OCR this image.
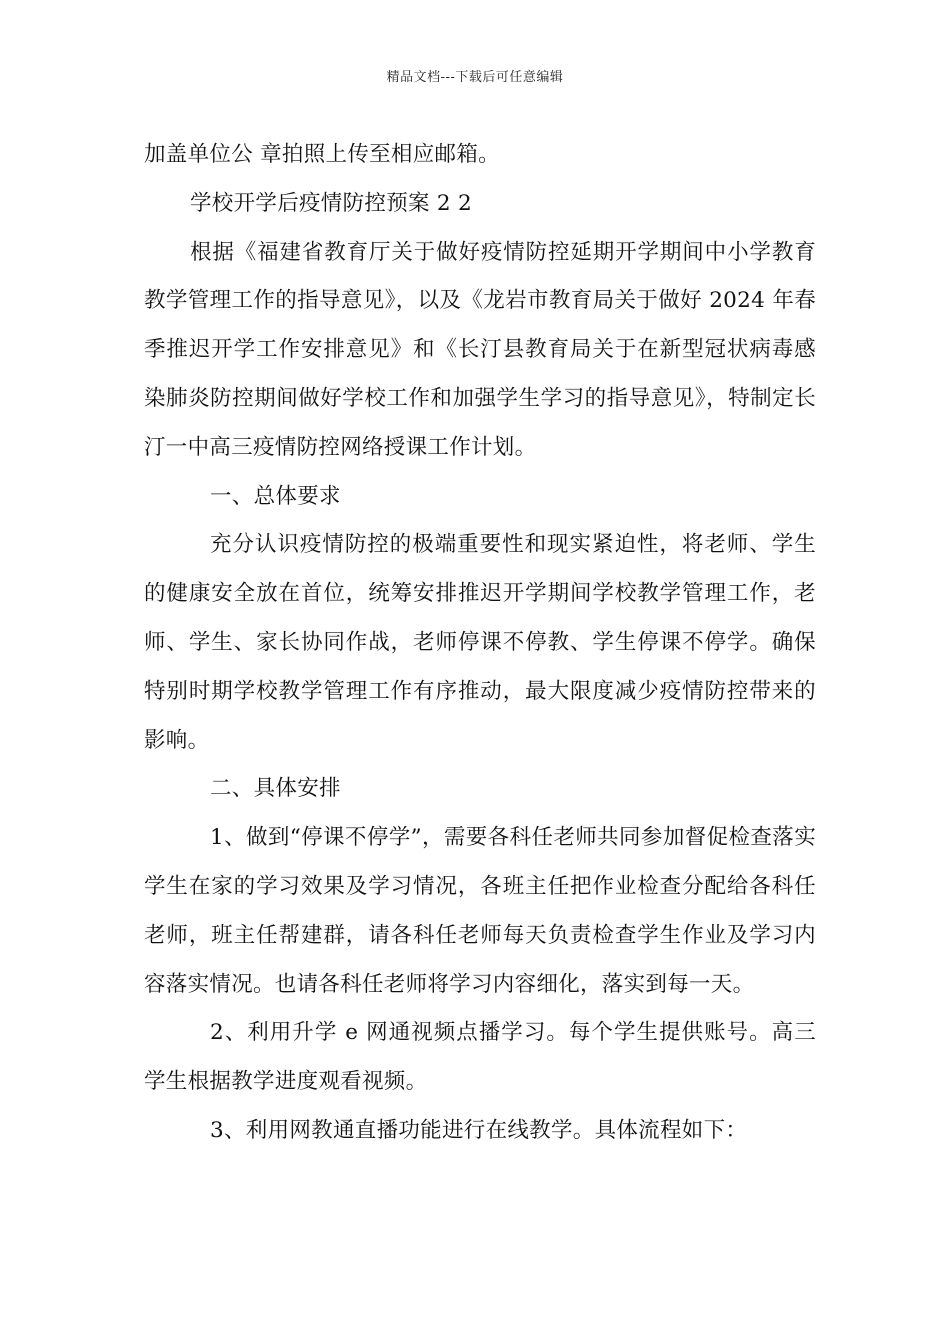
精品文档---下载后可任意编辑

加盖单位公 章拍照上传至相应邮箱。

学校开学后疫情防控预案 2 2

根据《福建省教育厅关于做好疫情防控延期开学期间中小学教育教学管理工作的指导意见》，以及《龙岩市教育局关于做好 2024 年春季推迟开学工作安排意见》和《长汀县教育局关于在新型冠状病毒感染肺炎防控期间做好学校工作和加强学生学习的指导意见》，特制定长汀一中高三疫情防控网络授课工作计划。

一、总体要求

充分认识疫情防控的极端重要性和现实紧迫性，将老师、学生的健康安全放在首位，统筹安排推迟开学期间学校教学管理工作，老师、学生、家长协同作战，老师停课不停教、学生停课不停学。确保特别时期学校教学管理工作有序推动，最大限度减少疫情防控带来的影响。

二、具体安排

1、做到“停课不停学”，需要各科任老师共同参加督促检查落实学生在家的学习效果及学习情况，各班主任把作业检查分配给各科任老师，班主任帮建群，请各科任老师每天负责检查学生作业及学习内容落实情况。也请各科任老师将学习内容细化，落实到每一天。

2、利用升学 e 网通视频点播学习。每个学生提供账号。高三学生根据教学进度观看视频。

3、利用网教通直播功能进行在线教学。具体流程如下：
